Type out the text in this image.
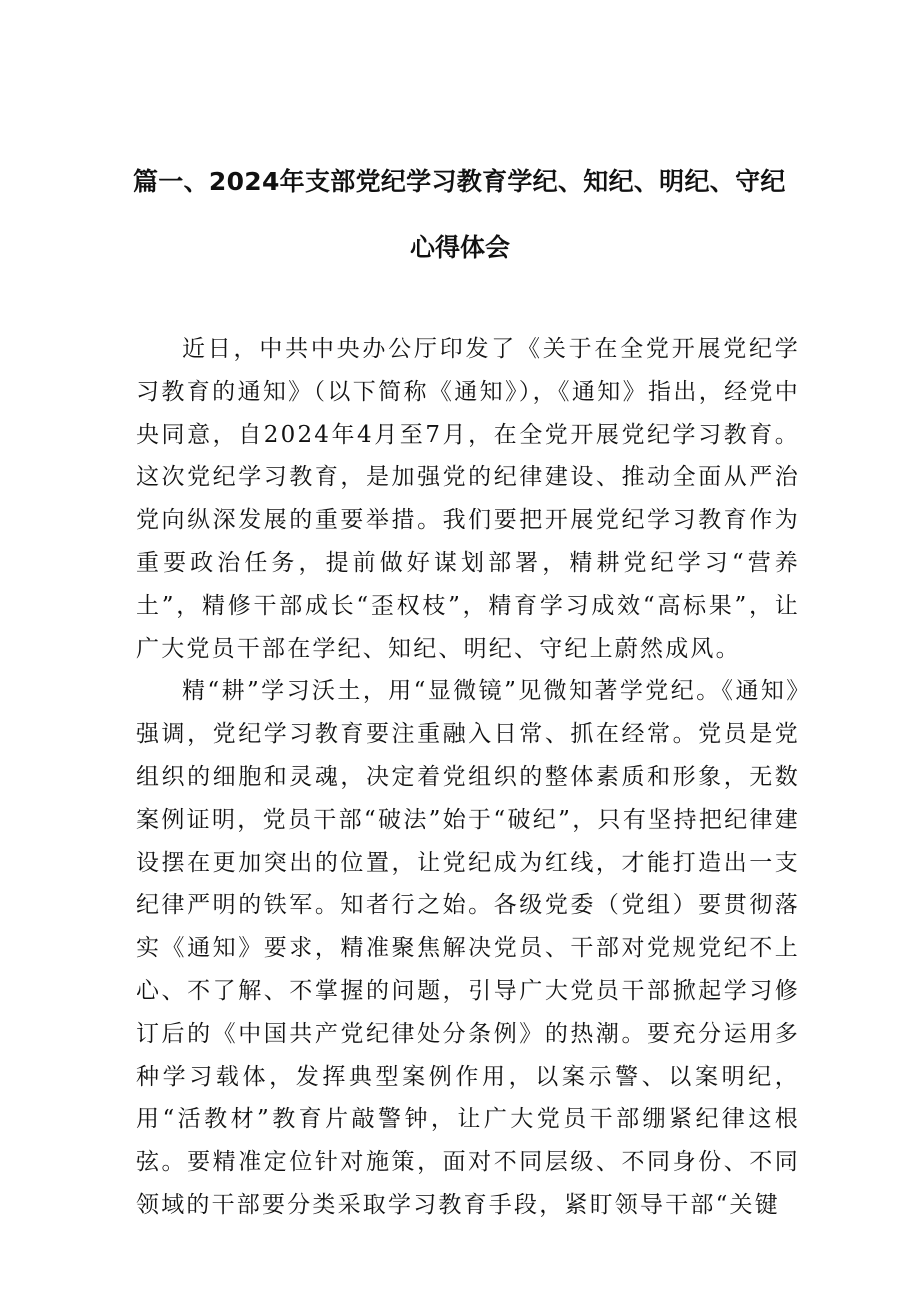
篇一、2024年支部党纪学习教育学纪、知纪、明纪、守纪
心得体会

近日，中共中央办公厅印发了《关于在全党开展党纪学习教育的通知》（以下简称《通知》），《通知》指出，经党中央同意，自2024年4月至7月，在全党开展党纪学习教育。这次党纪学习教育，是加强党的纪律建设、推动全面从严治党向纵深发展的重要举措。我们要把开展党纪学习教育作为重要政治任务，提前做好谋划部署，精耕党纪学习“营养土”，精修干部成长“歪权枝”，精育学习成效“高标果”，让广大党员干部在学纪、知纪、明纪、守纪上蔚然成风。

精“耕”学习沃土，用“显微镜”见微知著学党纪。《通知》强调，党纪学习教育要注重融入日常、抓在经常。党员是党组织的细胞和灵魂，决定着党组织的整体素质和形象，无数案例证明，党员干部“破法”始于“破纪”，只有坚持把纪律建设摆在更加突出的位置，让党纪成为红线，才能打造出一支纪律严明的铁军。知者行之始。各级党委（党组）要贯彻落实《通知》要求，精准聚焦解决党员、干部对党规党纪不上心、不了解、不掌握的问题，引导广大党员干部掀起学习修订后的《中国共产党纪律处分条例》的热潮。要充分运用多种学习载体，发挥典型案例作用，以案示警、以案明纪，用“活教材”教育片敲警钟，让广大党员干部绷紧纪律这根弦。要精准定位针对施策，面对不同层级、不同身份、不同领域的干部要分类采取学习教育手段，紧盯领导干部“关键
